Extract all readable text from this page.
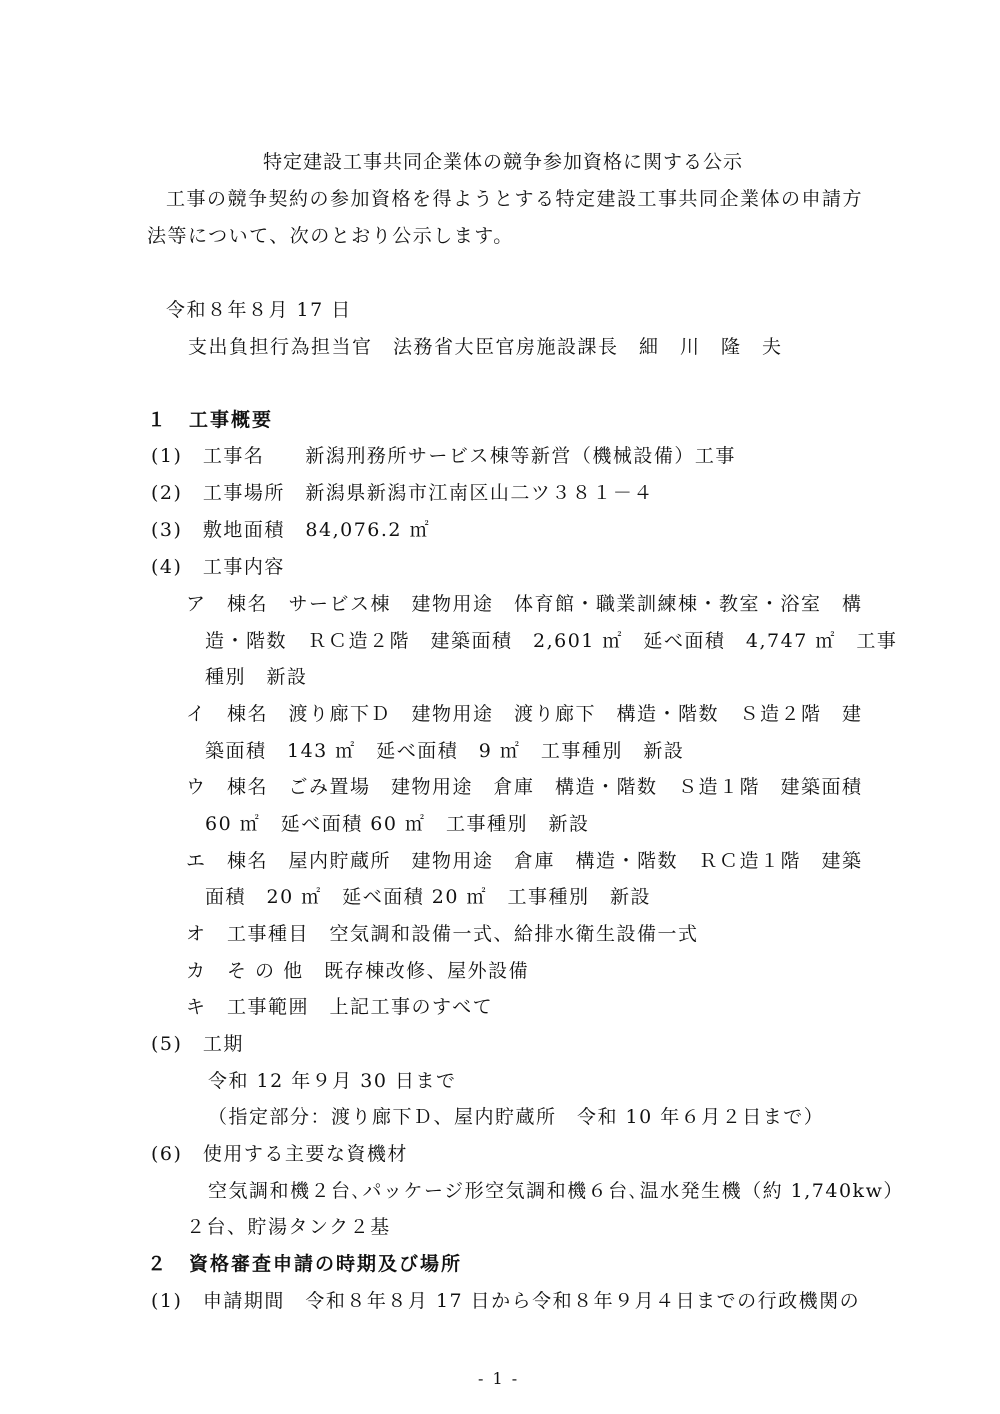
特定建設工事共同企業体の競争参加資格に関する公示
工事の競争契約の参加資格を得ようとする特定建設工事共同企業体の申請方
法等について、次のとおり公示します。
令和８年８月 17 日
支出負担行為担当官　法務省大臣官房施設課長　細　川　隆　夫
１　工事概要
(1)　工事名　　新潟刑務所サービス棟等新営（機械設備）工事
(2)　工事場所　新潟県新潟市江南区山二ツ３８１－４
(3)　敷地面積　84,076.2 ㎡
(4)　工事内容
ア　棟名　サービス棟　建物用途　体育館・職業訓練棟・教室・浴室　構
造・階数　ＲＣ造２階　建築面積　2,601 ㎡　延べ面積　4,747 ㎡　工事
種別　新設
イ　棟名　渡り廊下Ｄ　建物用途　渡り廊下　構造・階数　Ｓ造２階　建
築面積　143 ㎡　延べ面積　9 ㎡　工事種別　新設
ウ　棟名　ごみ置場　建物用途　倉庫　構造・階数　Ｓ造１階　建築面積
60 ㎡　延べ面積 60 ㎡　工事種別　新設
エ　棟名　屋内貯蔵所　建物用途　倉庫　構造・階数　ＲＣ造１階　建築
面積　20 ㎡　延べ面積 20 ㎡　工事種別　新設
オ　工事種目　空気調和設備一式、給排水衛生設備一式
カ　そ の 他　既存棟改修、屋外設備
キ　工事範囲　上記工事のすべて
(5)　工期
令和 12 年９月 30 日まで
（指定部分：渡り廊下Ｄ、屋内貯蔵所　令和 10 年６月２日まで）
(6)　使用する主要な資機材
空気調和機２台､パッケージ形空気調和機６台､温水発生機（約 1,740kw）
２台、貯湯タンク２基
２　資格審査申請の時期及び場所
(1)　申請期間　令和８年８月 17 日から令和８年９月４日までの行政機関の
- 1 -
